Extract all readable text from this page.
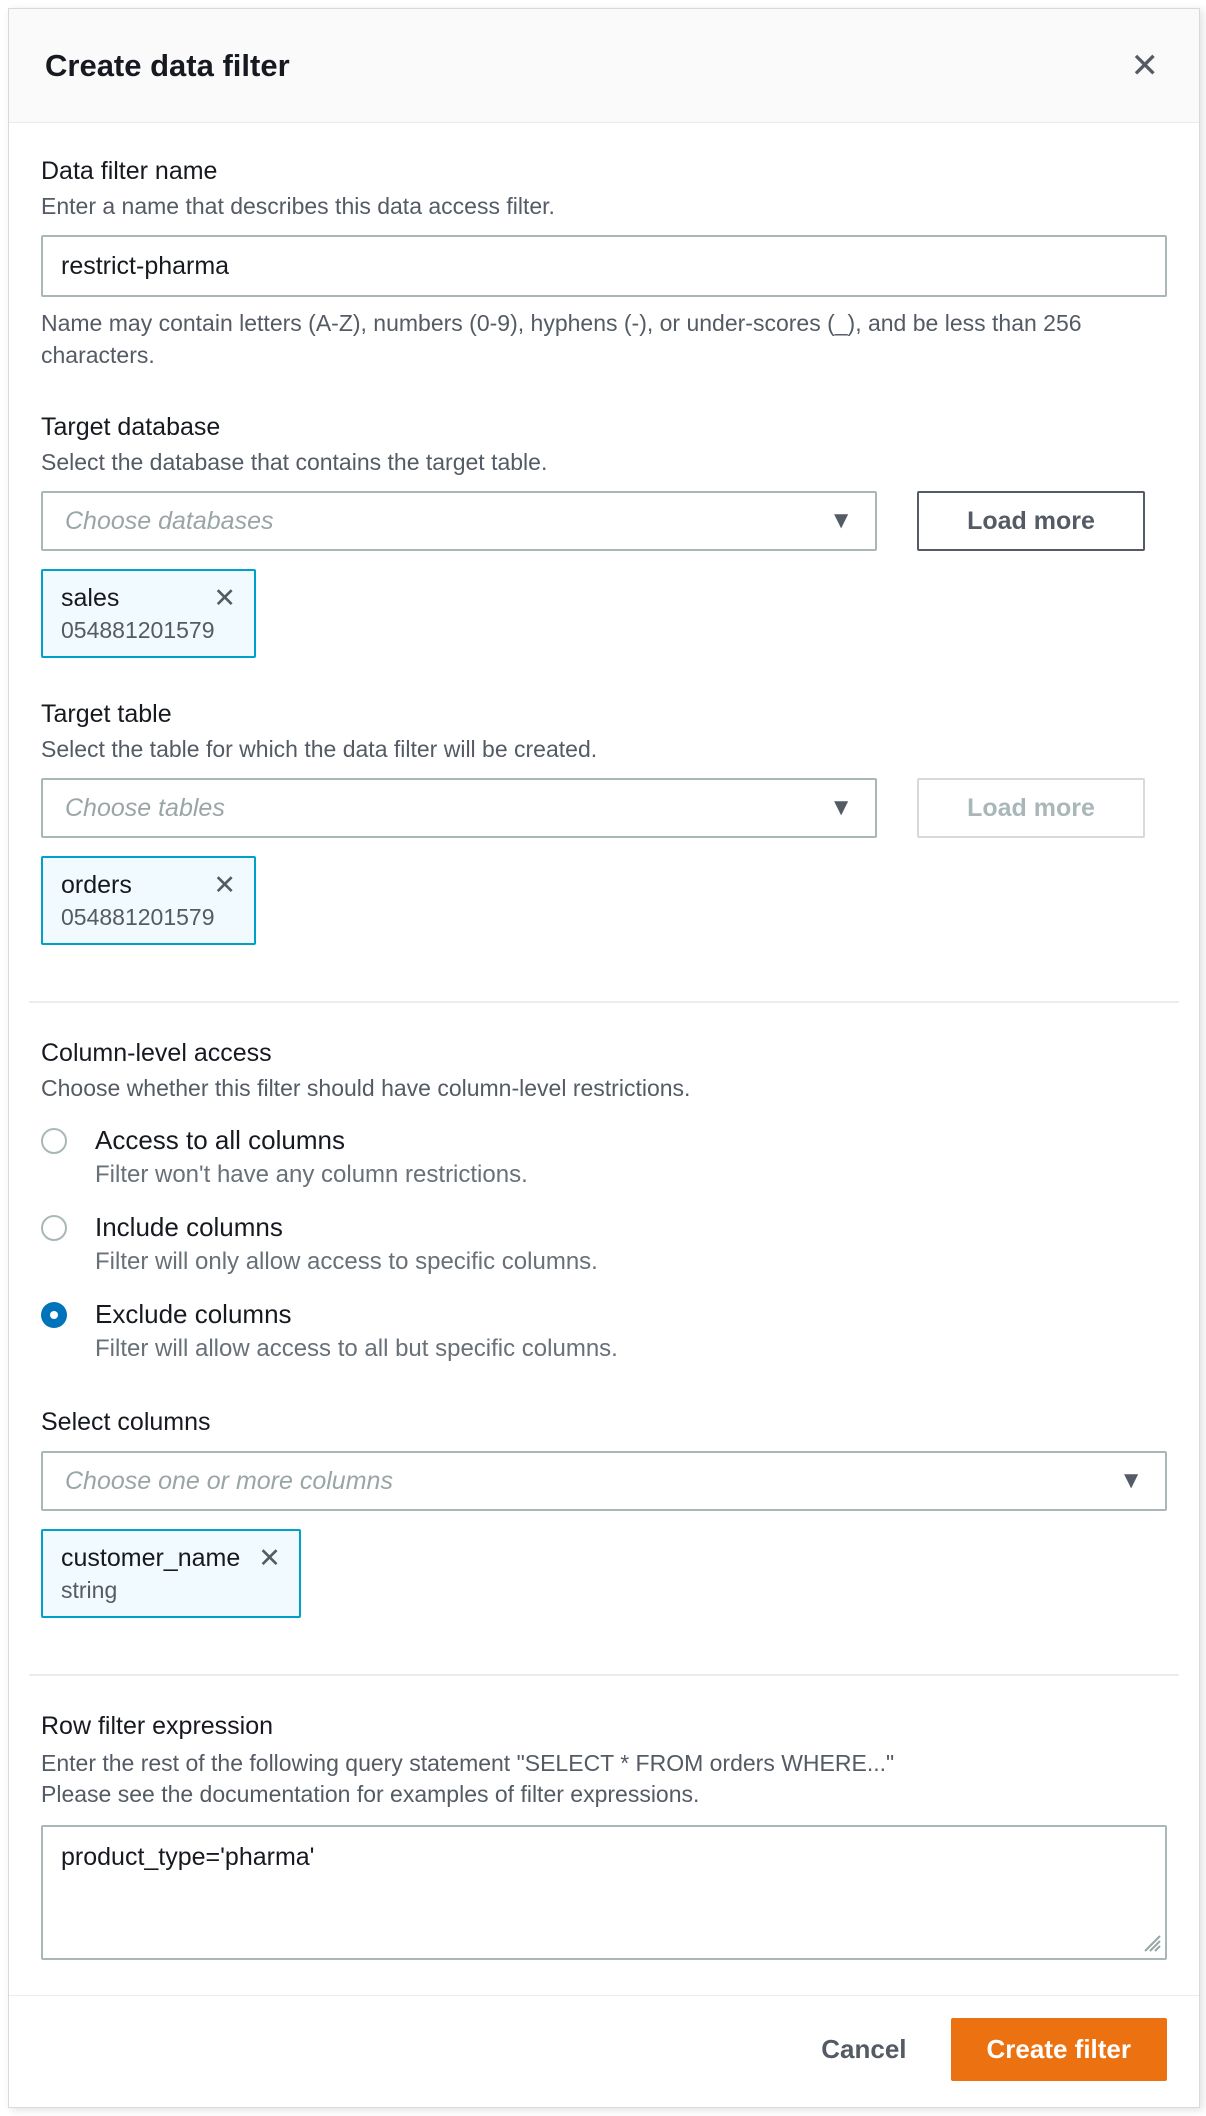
Create data filter	✕
Data filter name
Enter a name that describes this data access filter.
restrict-pharma
Name may contain letters (A-Z), numbers (0-9), hyphens (-), or under-scores (_), and be less than 256 characters.
Target database
Select the database that contains the target table.
Choose databases	▼	Load more
sales	✕
054881201579
Target table
Select the table for which the data filter will be created.
Choose tables	▼	Load more
orders	✕
054881201579
Column-level access
Choose whether this filter should have column-level restrictions.
Access to all columns
Filter won't have any column restrictions.
Include columns
Filter will only allow access to specific columns.
Exclude columns
Filter will allow access to all but specific columns.
Select columns
Choose one or more columns	▼
customer_name ✕
string
Row filter expression
Enter the rest of the following query statement "SELECT * FROM orders WHERE..."
Please see the documentation for examples of filter expressions.
product_type='pharma'
Cancel	Create filter
